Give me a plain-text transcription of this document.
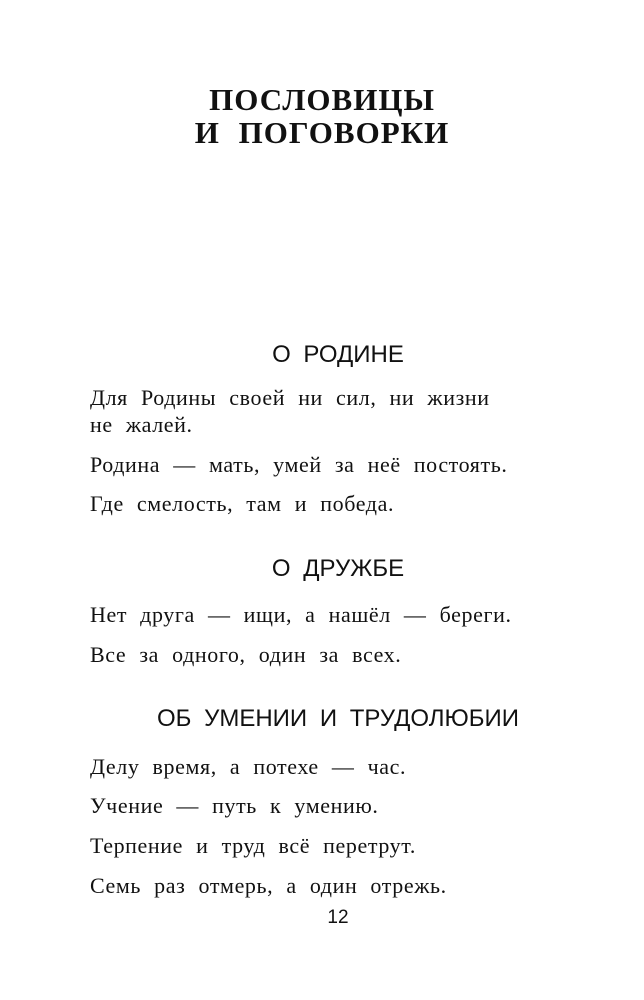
ПОСЛОВИЦЫ
И ПОГОВОРКИ
О РОДИНЕ
Для Родины своей ни сил, ни жизни
не жалей.
Родина — мать, умей за неё постоять.
Где смелость, там и победа.
О ДРУЖБЕ
Нет друга — ищи, а нашёл — береги.
Все за одного, один за всех.
ОБ УМЕНИИ И ТРУДОЛЮБИИ
Делу время, а потехе — час.
Учение — путь к умению.
Терпение и труд всё перетрут.
Семь раз отмерь, а один отрежь.
12
